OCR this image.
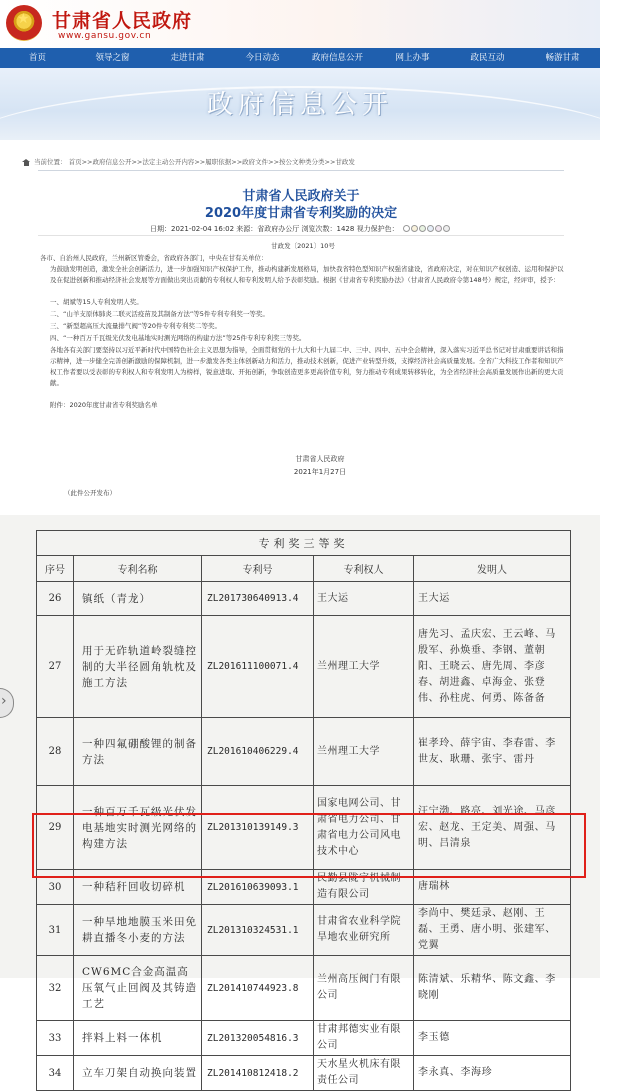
★ 甘肃省人民政府
www.gansu.gov.cn
首页	领导之窗	走进甘肃	今日动态	政府信息公开	网上办事	政民互动	畅游甘肃
政府信息公开
当前位置： 首页>>政府信息公开>>法定主动公开内容>>履职依据>>政府文件>>按公文种类分类>>甘政发
甘肃省人民政府关于
2020年度甘肃省专利奖励的决定
日期：2021-02-04 16:02 来源：省政府办公厅 浏览次数：1428 视力保护色：
甘政发〔2021〕10号
各市、自治州人民政府，兰州新区管委会，省政府各部门，中央在甘有关单位：
为鼓励发明创造，激发全社会创新活力，进一步加强知识产权保护工作，推动构建新发展格局，加快我省特色型知识产权强省建设，省政府决定，对在知识产权创造、运用和保护以及在促进创新和推动经济社会发展等方面做出突出贡献的专利权人和专利发明人给予表彰奖励。根据《甘肃省专利奖励办法》（甘肃省人民政府令第148号）规定，经评审，授予：
一、胡斌等15人专利发明人奖。
二、“山羊支原体肺炎二联灭活疫苗及其制备方法”等5件专利专利奖一等奖。
三、“新型超高压大流量排气阀”等20件专利专利奖二等奖。
四、“一种百万千瓦级光伏发电基地实时测光网络的构建方法”等25件专利专利奖三等奖。
各地各有关部门要坚持以习近平新时代中国特色社会主义思想为指导，全面贯彻党的十九大和十九届二中、三中、四中、五中全会精神，深入落实习近平总书记对甘肃重要讲话和指示精神，进一步健全完善创新激励的保障机制，进一步激发各类主体创新动力和活力，推动技术创新，促进产业转型升级，支撑经济社会高质量发展。全省广大科技工作者和知识产权工作者要以受表彰的专利权人和专利发明人为榜样，锐意进取、开拓创新，争取创造更多更高价值专利，努力推动专利成果转移转化，为全省经济社会高质量发展作出新的更大贡献。
附件：2020年度甘肃省专利奖励名单
甘肃省人民政府
2021年1月27日
（此件公开发布）
›
专利奖三等奖				
序号	专利名称	专利号	专利权人	发明人
26	镇纸（青龙）	ZL201730640913.4	王大运	王大运
27	用于无砟轨道岭裂缝控制的大半径圆角轨枕及施工方法	ZL201611100071.4	兰州理工大学	唐先习、孟庆宏、王云峰、马殷军、孙焕垂、李钢、董朝阳、王晓云、唐先周、李彦春、胡进鑫、卓海金、张登伟、孙柱虎、何勇、陈备备
28	一种四氟硼酸锂的制备方法	ZL201610406229.4	兰州理工大学	崔孝玲、薛宇宙、李春雷、李世友、耿珊、张宇、雷丹
29	一种百万千瓦级光伏发电基地实时测光网络的构建方法	ZL201310139149.3	国家电网公司、甘肃省电力公司、甘肃省电力公司风电技术中心	汪宁渤、路亮、刘光途、马彦宏、赵龙、王定美、周强、马明、吕清泉
30	一种秸秆回收切碎机	ZL201610639093.1	民勤县陇宇机械制造有限公司	唐瑞林
31	一种旱地地膜玉米田免耕直播冬小麦的方法	ZL201310324531.1	甘肃省农业科学院旱地农业研究所	李尚中、樊廷录、赵刚、王磊、王勇、唐小明、张建军、党翼
32	CW6MC合金高温高压氧气止回阀及其铸造工艺	ZL201410744923.8	兰州高压阀门有限公司	陈清斌、乐精华、陈文鑫、李晓刚
33	拌料上料一体机	ZL201320054816.3	甘肃邦德实业有限公司	李玉德
34	立车刀架自动换向装置	ZL201410812418.2	天水星火机床有限责任公司	李永真、李海珍
